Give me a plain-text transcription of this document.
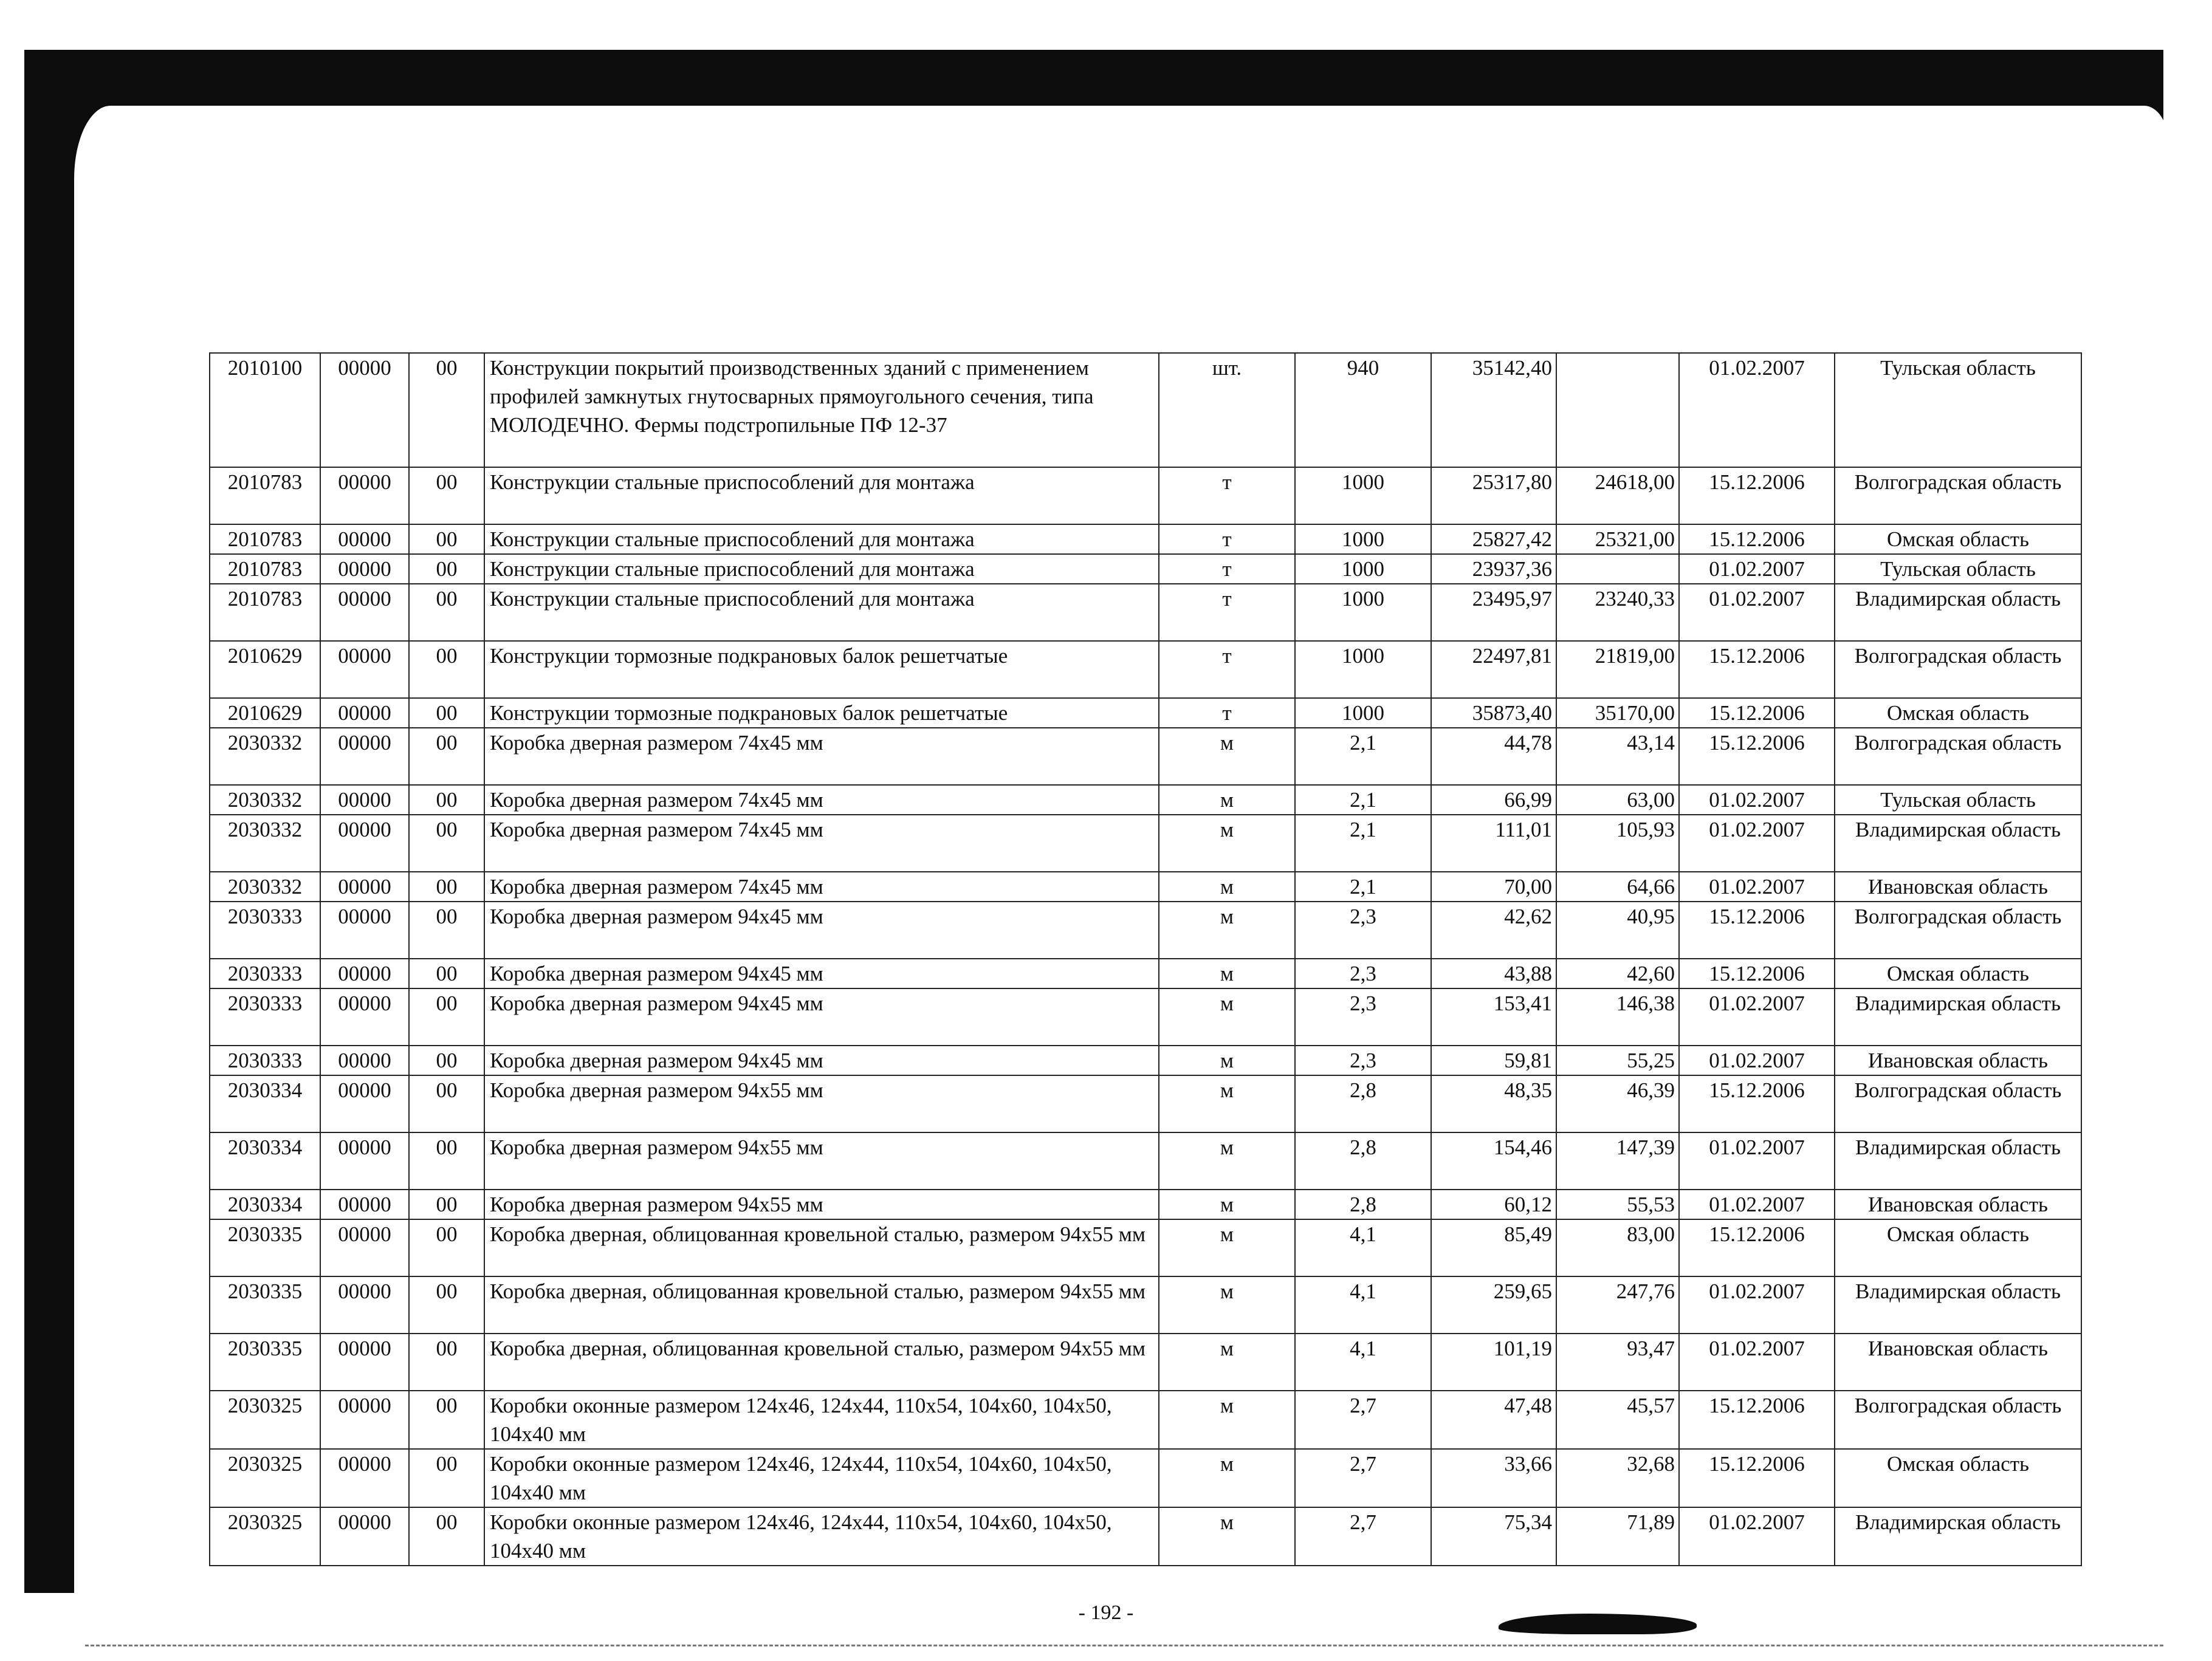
2010100	00000	00	Конструкции покрытий производственных зданий с применением профилей замкнутых гнутосварных прямоугольного сечения, типа МОЛОДЕЧНО. Фермы подстропильные ПФ 12-37	шт.	940	35142,40		01.02.2007	Тульская область
2010783	00000	00	Конструкции стальные приспособлений для монтажа	т	1000	25317,80	24618,00	15.12.2006	Волгоградская область
2010783	00000	00	Конструкции стальные приспособлений для монтажа	т	1000	25827,42	25321,00	15.12.2006	Омская область
2010783	00000	00	Конструкции стальные приспособлений для монтажа	т	1000	23937,36		01.02.2007	Тульская область
2010783	00000	00	Конструкции стальные приспособлений для монтажа	т	1000	23495,97	23240,33	01.02.2007	Владимирская область
2010629	00000	00	Конструкции тормозные подкрановых балок решетчатые	т	1000	22497,81	21819,00	15.12.2006	Волгоградская область
2010629	00000	00	Конструкции тормозные подкрановых балок решетчатые	т	1000	35873,40	35170,00	15.12.2006	Омская область
2030332	00000	00	Коробка дверная размером 74х45 мм	м	2,1	44,78	43,14	15.12.2006	Волгоградская область
2030332	00000	00	Коробка дверная размером 74х45 мм	м	2,1	66,99	63,00	01.02.2007	Тульская область
2030332	00000	00	Коробка дверная размером 74х45 мм	м	2,1	111,01	105,93	01.02.2007	Владимирская область
2030332	00000	00	Коробка дверная размером 74х45 мм	м	2,1	70,00	64,66	01.02.2007	Ивановская область
2030333	00000	00	Коробка дверная размером 94х45 мм	м	2,3	42,62	40,95	15.12.2006	Волгоградская область
2030333	00000	00	Коробка дверная размером 94х45 мм	м	2,3	43,88	42,60	15.12.2006	Омская область
2030333	00000	00	Коробка дверная размером 94х45 мм	м	2,3	153,41	146,38	01.02.2007	Владимирская область
2030333	00000	00	Коробка дверная размером 94х45 мм	м	2,3	59,81	55,25	01.02.2007	Ивановская область
2030334	00000	00	Коробка дверная размером 94х55 мм	м	2,8	48,35	46,39	15.12.2006	Волгоградская область
2030334	00000	00	Коробка дверная размером 94х55 мм	м	2,8	154,46	147,39	01.02.2007	Владимирская область
2030334	00000	00	Коробка дверная размером 94х55 мм	м	2,8	60,12	55,53	01.02.2007	Ивановская область
2030335	00000	00	Коробка дверная, облицованная кровельной сталью, размером 94х55 мм	м	4,1	85,49	83,00	15.12.2006	Омская область
2030335	00000	00	Коробка дверная, облицованная кровельной сталью, размером 94х55 мм	м	4,1	259,65	247,76	01.02.2007	Владимирская область
2030335	00000	00	Коробка дверная, облицованная кровельной сталью, размером 94х55 мм	м	4,1	101,19	93,47	01.02.2007	Ивановская область
2030325	00000	00	Коробки оконные размером 124х46, 124х44, 110х54, 104х60, 104х50, 104х40 мм	м	2,7	47,48	45,57	15.12.2006	Волгоградская область
2030325	00000	00	Коробки оконные размером 124х46, 124х44, 110х54, 104х60, 104х50, 104х40 мм	м	2,7	33,66	32,68	15.12.2006	Омская область
2030325	00000	00	Коробки оконные размером 124х46, 124х44, 110х54, 104х60, 104х50, 104х40 мм	м	2,7	75,34	71,89	01.02.2007	Владимирская область
- 192 -
